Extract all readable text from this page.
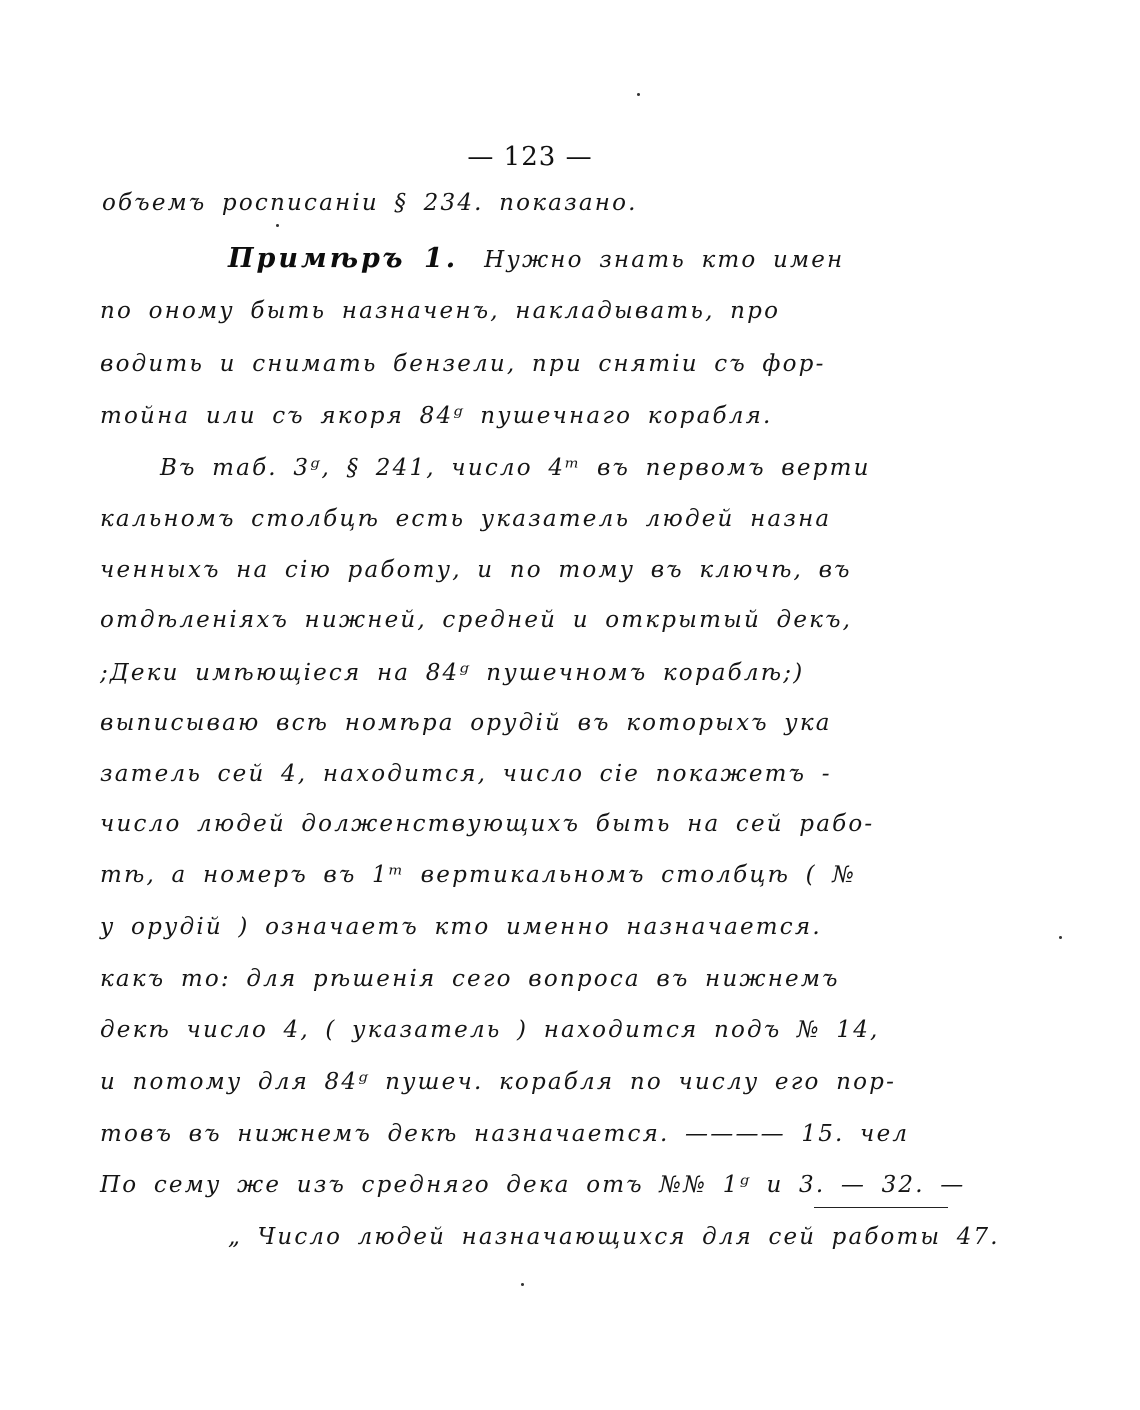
— 123 —
объемъ росписаніи § 234. показано.
Примѣръ 1. Нужно знать кто имен
по оному быть назначенъ, накладывать, про
водить и снимать бензели, при снятіи съ фор-
тойна или съ якоря 84ᵍ пушечнаго корабля.
Въ таб. 3ᵍ, § 241, число 4ᵐ въ первомъ верти
кальномъ столбцѣ есть указатель людей назна
ченныхъ на сію работу, и по тому въ ключѣ, въ
отдѣленіяхъ нижней, средней и открытый декъ,
;Деки имѣющіеся на 84ᵍ пушечномъ кораблѣ;)
выписываю всѣ номѣра орудій въ которыхъ ука
затель сей 4, находится, число сіе покажетъ -
число людей долженствующихъ быть на сей рабо-
тѣ, а номеръ въ 1ᵐ вертикальномъ столбцѣ ( №
у орудій ) означаетъ кто именно назначается.
какъ то: для рѣшенія сего вопроса въ нижнемъ
декѣ число 4, ( указатель ) находится подъ № 14,
и потому для 84ᵍ пушеч. корабля по числу его пор-
товъ въ нижнемъ декѣ назначается. ———— 15. чел
По сему же изъ средняго дека отъ №№ 1ᵍ и 3. — 32. —
„ Число людей назначающихся для сей работы 47.
